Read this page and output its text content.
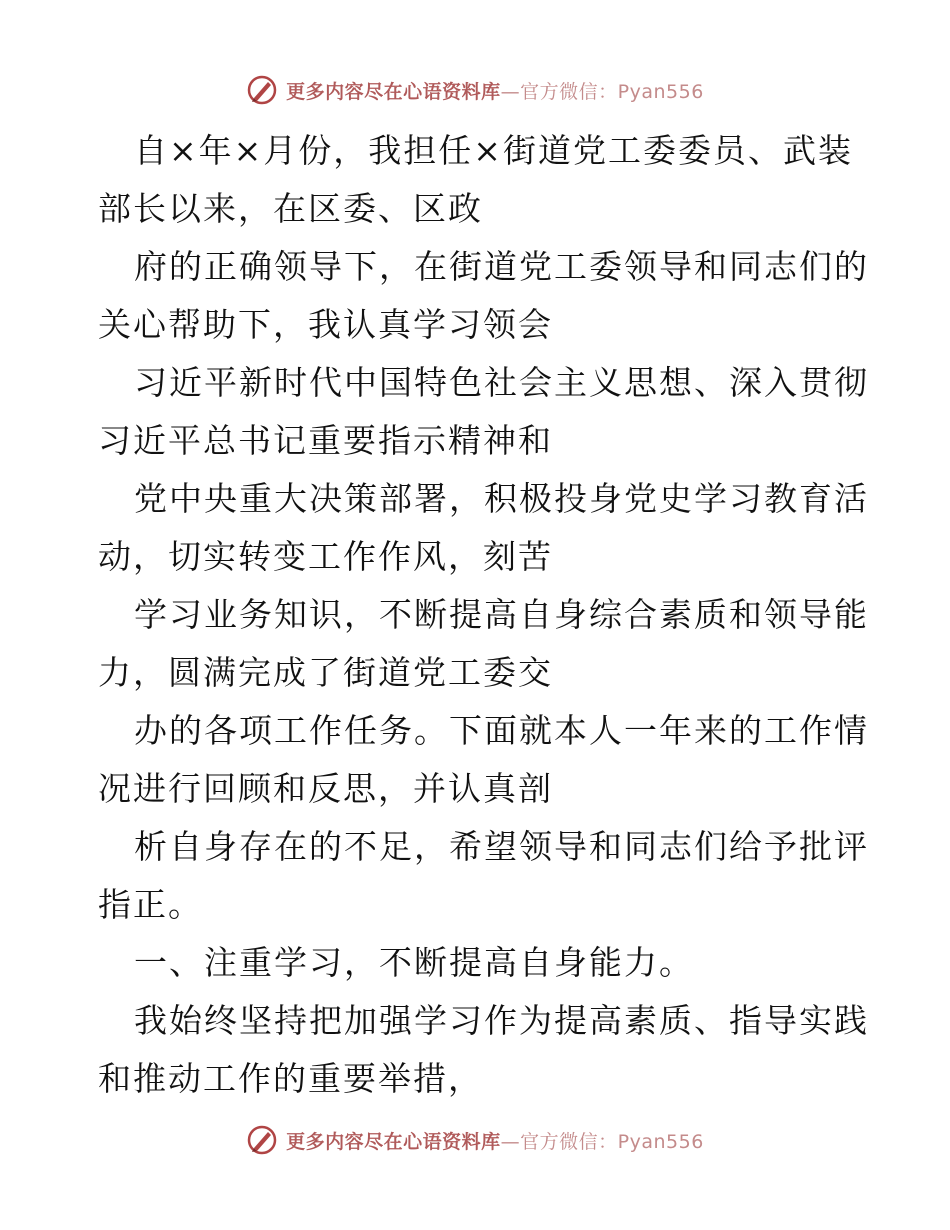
更多内容尽在心语资料库—官方微信：Pyan556

自×年×月份，我担任×街道党工委委员、武装

部长以来，在区委、区政

府的正确领导下，在街道党工委领导和同志们的

关心帮助下，我认真学习领会

习近平新时代中国特色社会主义思想、深入贯彻

习近平总书记重要指示精神和

党中央重大决策部署，积极投身党史学习教育活

动，切实转变工作作风，刻苦

学习业务知识，不断提高自身综合素质和领导能

力，圆满完成了街道党工委交

办的各项工作任务。下面就本人一年来的工作情

况进行回顾和反思，并认真剖

析自身存在的不足，希望领导和同志们给予批评

指正。

一、注重学习，不断提高自身能力。

我始终坚持把加强学习作为提高素质、指导实践

和推动工作的重要举措，

更多内容尽在心语资料库—官方微信：Pyan556
